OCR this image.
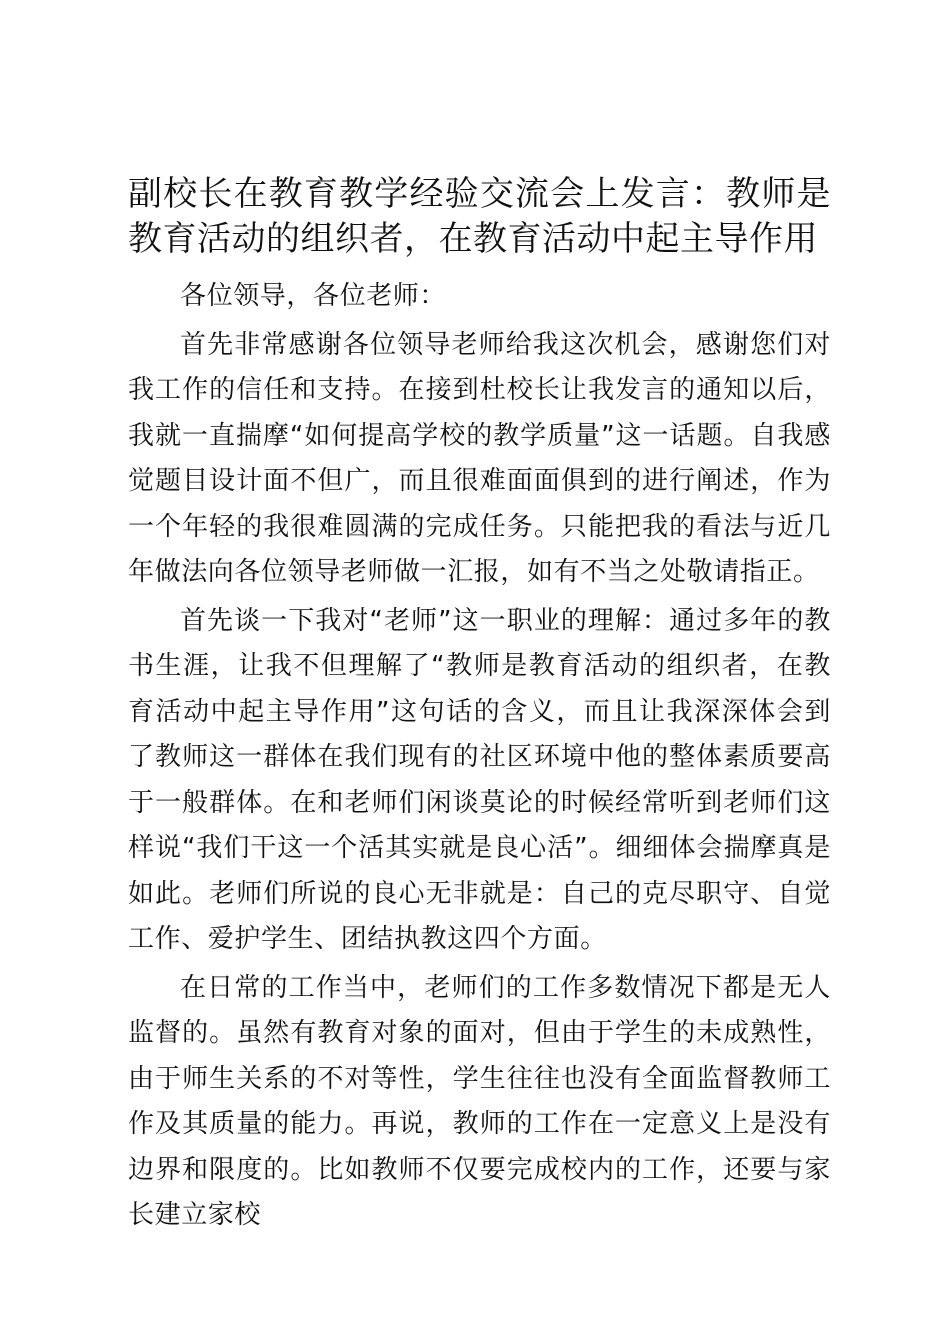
副校长在教育教学经验交流会上发言：教师是教育活动的组织者，在教育活动中起主导作用

各位领导，各位老师：

首先非常感谢各位领导老师给我这次机会，感谢您们对我工作的信任和支持。在接到杜校长让我发言的通知以后，我就一直揣摩“如何提高学校的教学质量”这一话题。自我感觉题目设计面不但广，而且很难面面俱到的进行阐述，作为一个年轻的我很难圆满的完成任务。只能把我的看法与近几年做法向各位领导老师做一汇报，如有不当之处敬请指正。

首先谈一下我对“老师”这一职业的理解：通过多年的教书生涯，让我不但理解了“教师是教育活动的组织者，在教育活动中起主导作用”这句话的含义，而且让我深深体会到了教师这一群体在我们现有的社区环境中他的整体素质要高于一般群体。在和老师们闲谈莫论的时候经常听到老师们这样说“我们干这一个活其实就是良心活”。细细体会揣摩真是如此。老师们所说的良心无非就是：自己的克尽职守、自觉工作、爱护学生、团结执教这四个方面。

在日常的工作当中，老师们的工作多数情况下都是无人监督的。虽然有教育对象的面对，但由于学生的未成熟性，由于师生关系的不对等性，学生往往也没有全面监督教师工作及其质量的能力。再说，教师的工作在一定意义上是没有边界和限度的。比如教师不仅要完成校内的工作，还要与家长建立家校
